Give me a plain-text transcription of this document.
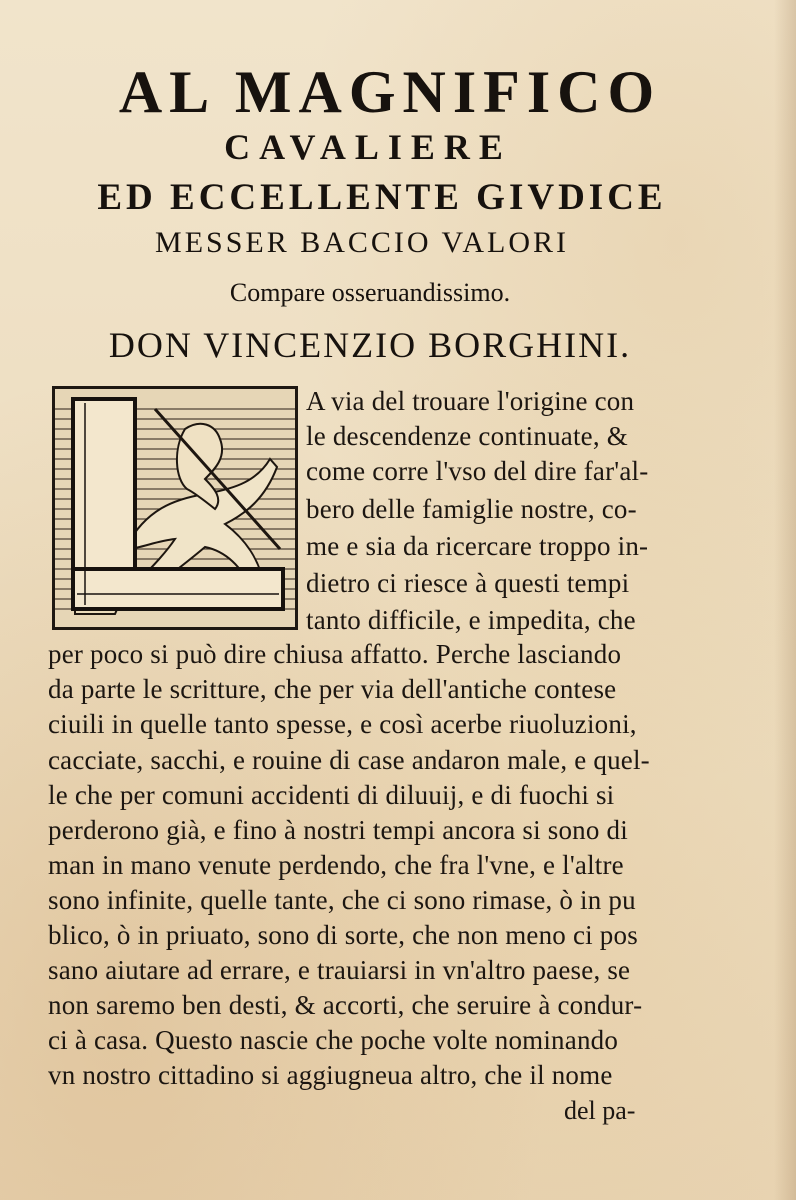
AL MAGNIFICO
CAVALIERE
ED ECCELLENTE GIVDICE
MESSER BACCIO VALORI
Compare osseruandissimo.
DON VINCENZIO BORGHINI.
A via del trouare l'origine con
le descendenze continuate, &
come corre l'vso del dire far'al-
bero delle famiglie nostre, co-
me e sia da ricercare troppo in-
dietro ci riesce à questi tempi
tanto difficile, e impedita, che
per poco si può dire chiusa affatto. Perche lasciando
da parte le scritture, che per via dell'antiche contese
ciuili in quelle tanto spesse, e così acerbe riuoluzioni,
cacciate, sacchi, e rouine di case andaron male, e quel-
le che per comuni accidenti di diluuij, e di fuochi si
perderono già, e fino à nostri tempi ancora si sono di
man in mano venute perdendo, che fra l'vne, e l'altre
sono infinite, quelle tante, che ci sono rimase, ò in pu
blico, ò in priuato, sono di sorte, che non meno ci pos
sano aiutare ad errare, e trauiarsi in vn'altro paese, se
non saremo ben desti, & accorti, che seruire à condur-
ci à casa. Questo nascie che poche volte nominando
vn nostro cittadino si aggiugneua altro, che il nome
del pa-
